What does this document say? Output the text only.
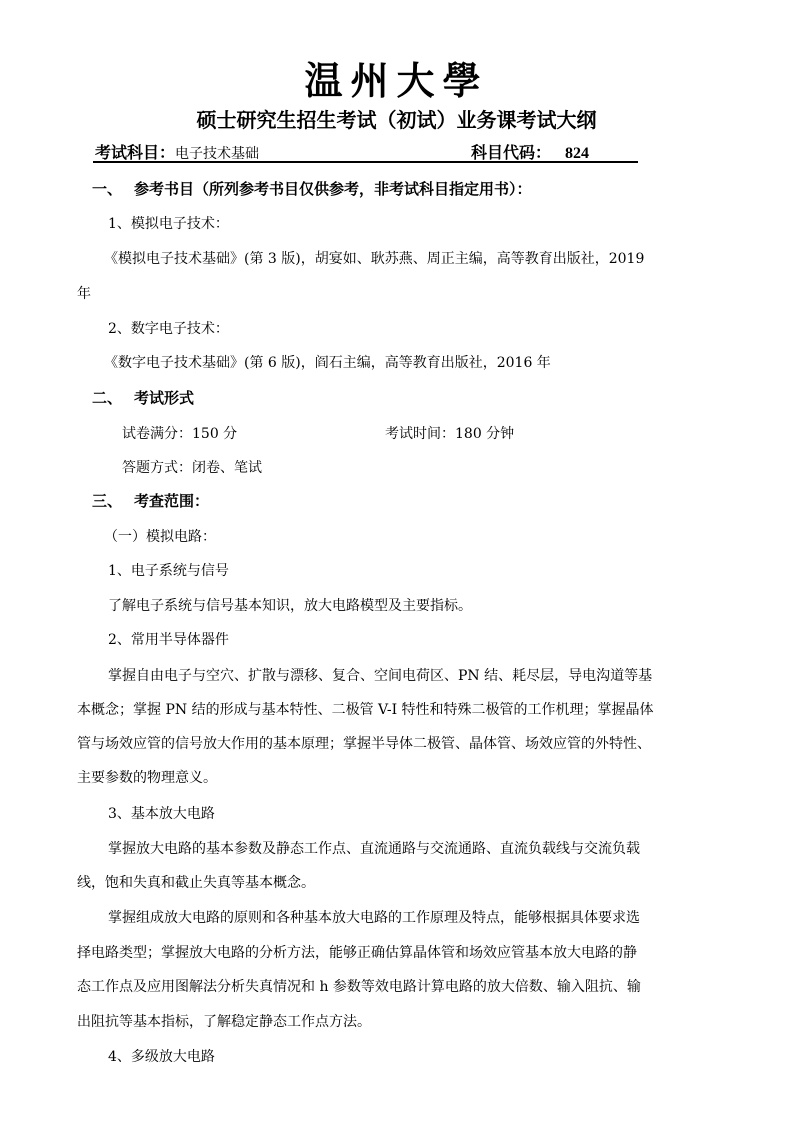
温州大學
硕士研究生招生考试（初试）业务课考试大纲
考试科目：电子技术基础	科目代码： 824
一、 参考书目（所列参考书目仅供参考，非考试科目指定用书）：
1、模拟电子技术：
《模拟电子技术基础》(第 3 版)，胡宴如、耿苏燕、周正主编，高等教育出版社，2019
年
2、数字电子技术：
《数字电子技术基础》(第 6 版)，阎石主编，高等教育出版社，2016 年
二、 考试形式
试卷满分：150 分	考试时间：180 分钟
答题方式：闭卷、笔试
三、 考查范围：
（一）模拟电路：
1、电子系统与信号
了解电子系统与信号基本知识，放大电路模型及主要指标。
2、常用半导体器件
掌握自由电子与空穴、扩散与漂移、复合、空间电荷区、PN 结、耗尽层，导电沟道等基
本概念；掌握 PN 结的形成与基本特性、二极管 V-I 特性和特殊二极管的工作机理；掌握晶体
管与场效应管的信号放大作用的基本原理；掌握半导体二极管、晶体管、场效应管的外特性、
主要参数的物理意义。
3、基本放大电路
掌握放大电路的基本参数及静态工作点、直流通路与交流通路、直流负载线与交流负载
线，饱和失真和截止失真等基本概念。
掌握组成放大电路的原则和各种基本放大电路的工作原理及特点，能够根据具体要求选
择电路类型；掌握放大电路的分析方法，能够正确估算晶体管和场效应管基本放大电路的静
态工作点及应用图解法分析失真情况和 h 参数等效电路计算电路的放大倍数、输入阻抗、输
出阻抗等基本指标，了解稳定静态工作点方法。
4、多级放大电路
